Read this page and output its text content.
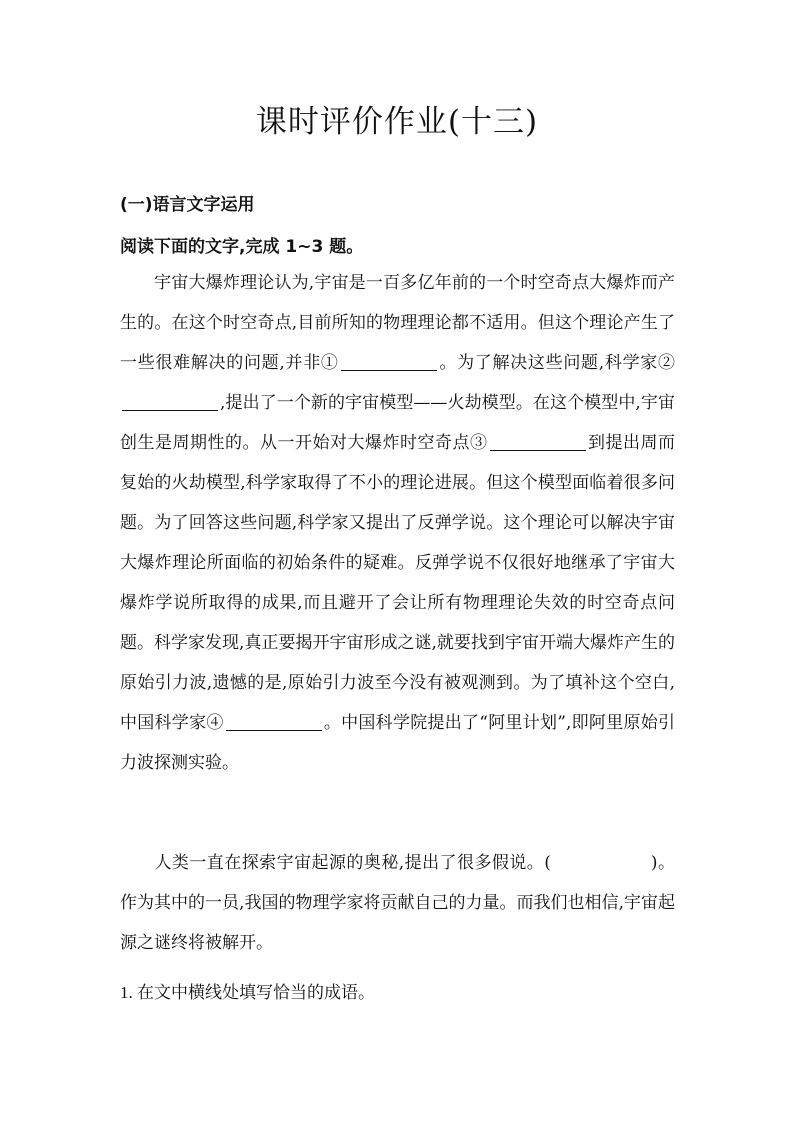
课时评价作业(十三)
(一)语言文字运用
阅读下面的文字,完成 1~3 题。
宇宙大爆炸理论认为,宇宙是一百多亿年前的一个时空奇点大爆炸而产生的。在这个时空奇点,目前所知的物理理论都不适用。但这个理论产生了一些很难解决的问题,并非①	。为了解决这些问题,科学家②,提出了一个新的宇宙模型——火劫模型。在这个模型中,宇宙创生是周期性的。从一开始对大爆炸时空奇点③	到提出周而复始的火劫模型,科学家取得了不小的理论进展。但这个模型面临着很多问题。为了回答这些问题,科学家又提出了反弹学说。这个理论可以解决宇宙大爆炸理论所面临的初始条件的疑难。反弹学说不仅很好地继承了宇宙大爆炸学说所取得的成果,而且避开了会让所有物理理论失效的时空奇点问题。科学家发现,真正要揭开宇宙形成之谜,就要找到宇宙开端大爆炸产生的原始引力波,遗憾的是,原始引力波至今没有被观测到。为了填补这个空白,中国科学家④	。中国科学院提出了“阿里计划”,即阿里原始引力波探测实验。
人类一直在探索宇宙起源的奥秘,提出了很多假说。(	)。作为其中的一员,我国的物理学家将贡献自己的力量。而我们也相信,宇宙起源之谜终将被解开。
1. 在文中横线处填写恰当的成语。
